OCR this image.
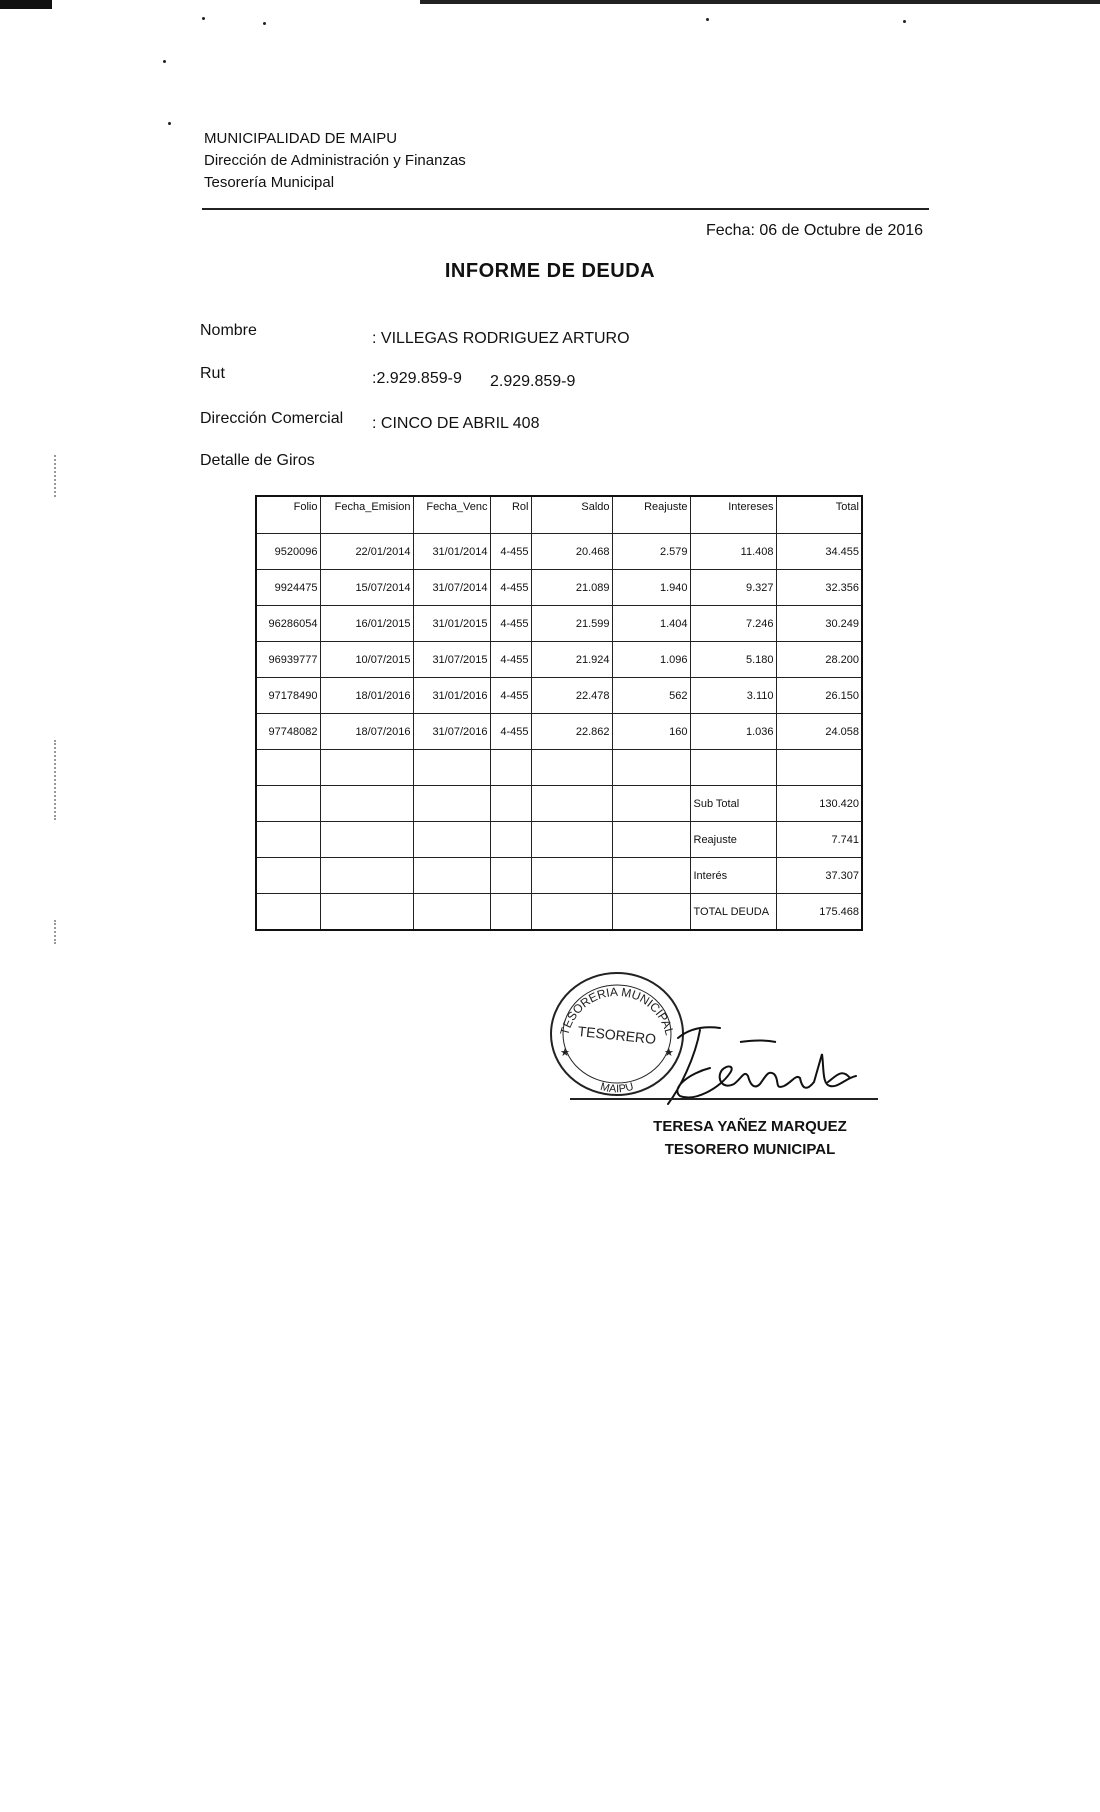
MUNICIPALIDAD DE MAIPU
Dirección de Administración y Finanzas
Tesorería Municipal
Fecha: 06 de Octubre de 2016
INFORME DE DEUDA
Nombre	: VILLEGAS RODRIGUEZ ARTURO
Rut	:2.929.859-9 2.929.859-9
Dirección Comercial : CINCO DE ABRIL 408
Detalle de Giros
Folio	Fecha_Emision	Fecha_Venc	Rol	Saldo	Reajuste	Intereses	Total
9520096	22/01/2014	31/01/2014	4-455	20.468	2.579	11.408	34.455
9924475	15/07/2014	31/07/2014	4-455	21.089	1.940	9.327	32.356
96286054	16/01/2015	31/01/2015	4-455	21.599	1.404	7.246	30.249
96939777	10/07/2015	31/07/2015	4-455	21.924	1.096	5.180	28.200
97178490	18/01/2016	31/01/2016	4-455	22.478	562	3.110	26.150
97748082	18/07/2016	31/07/2016	4-455	22.862	160	1.036	24.058

						Sub Total	130.420
						Reajuste	7.741
						Interés	37.307
						TOTAL DEUDA	175.468
TESORERIA MUNICIPAL
TESORERO
MAIPU
★	★
TERESA YAÑEZ MARQUEZ
TESORERO MUNICIPAL
